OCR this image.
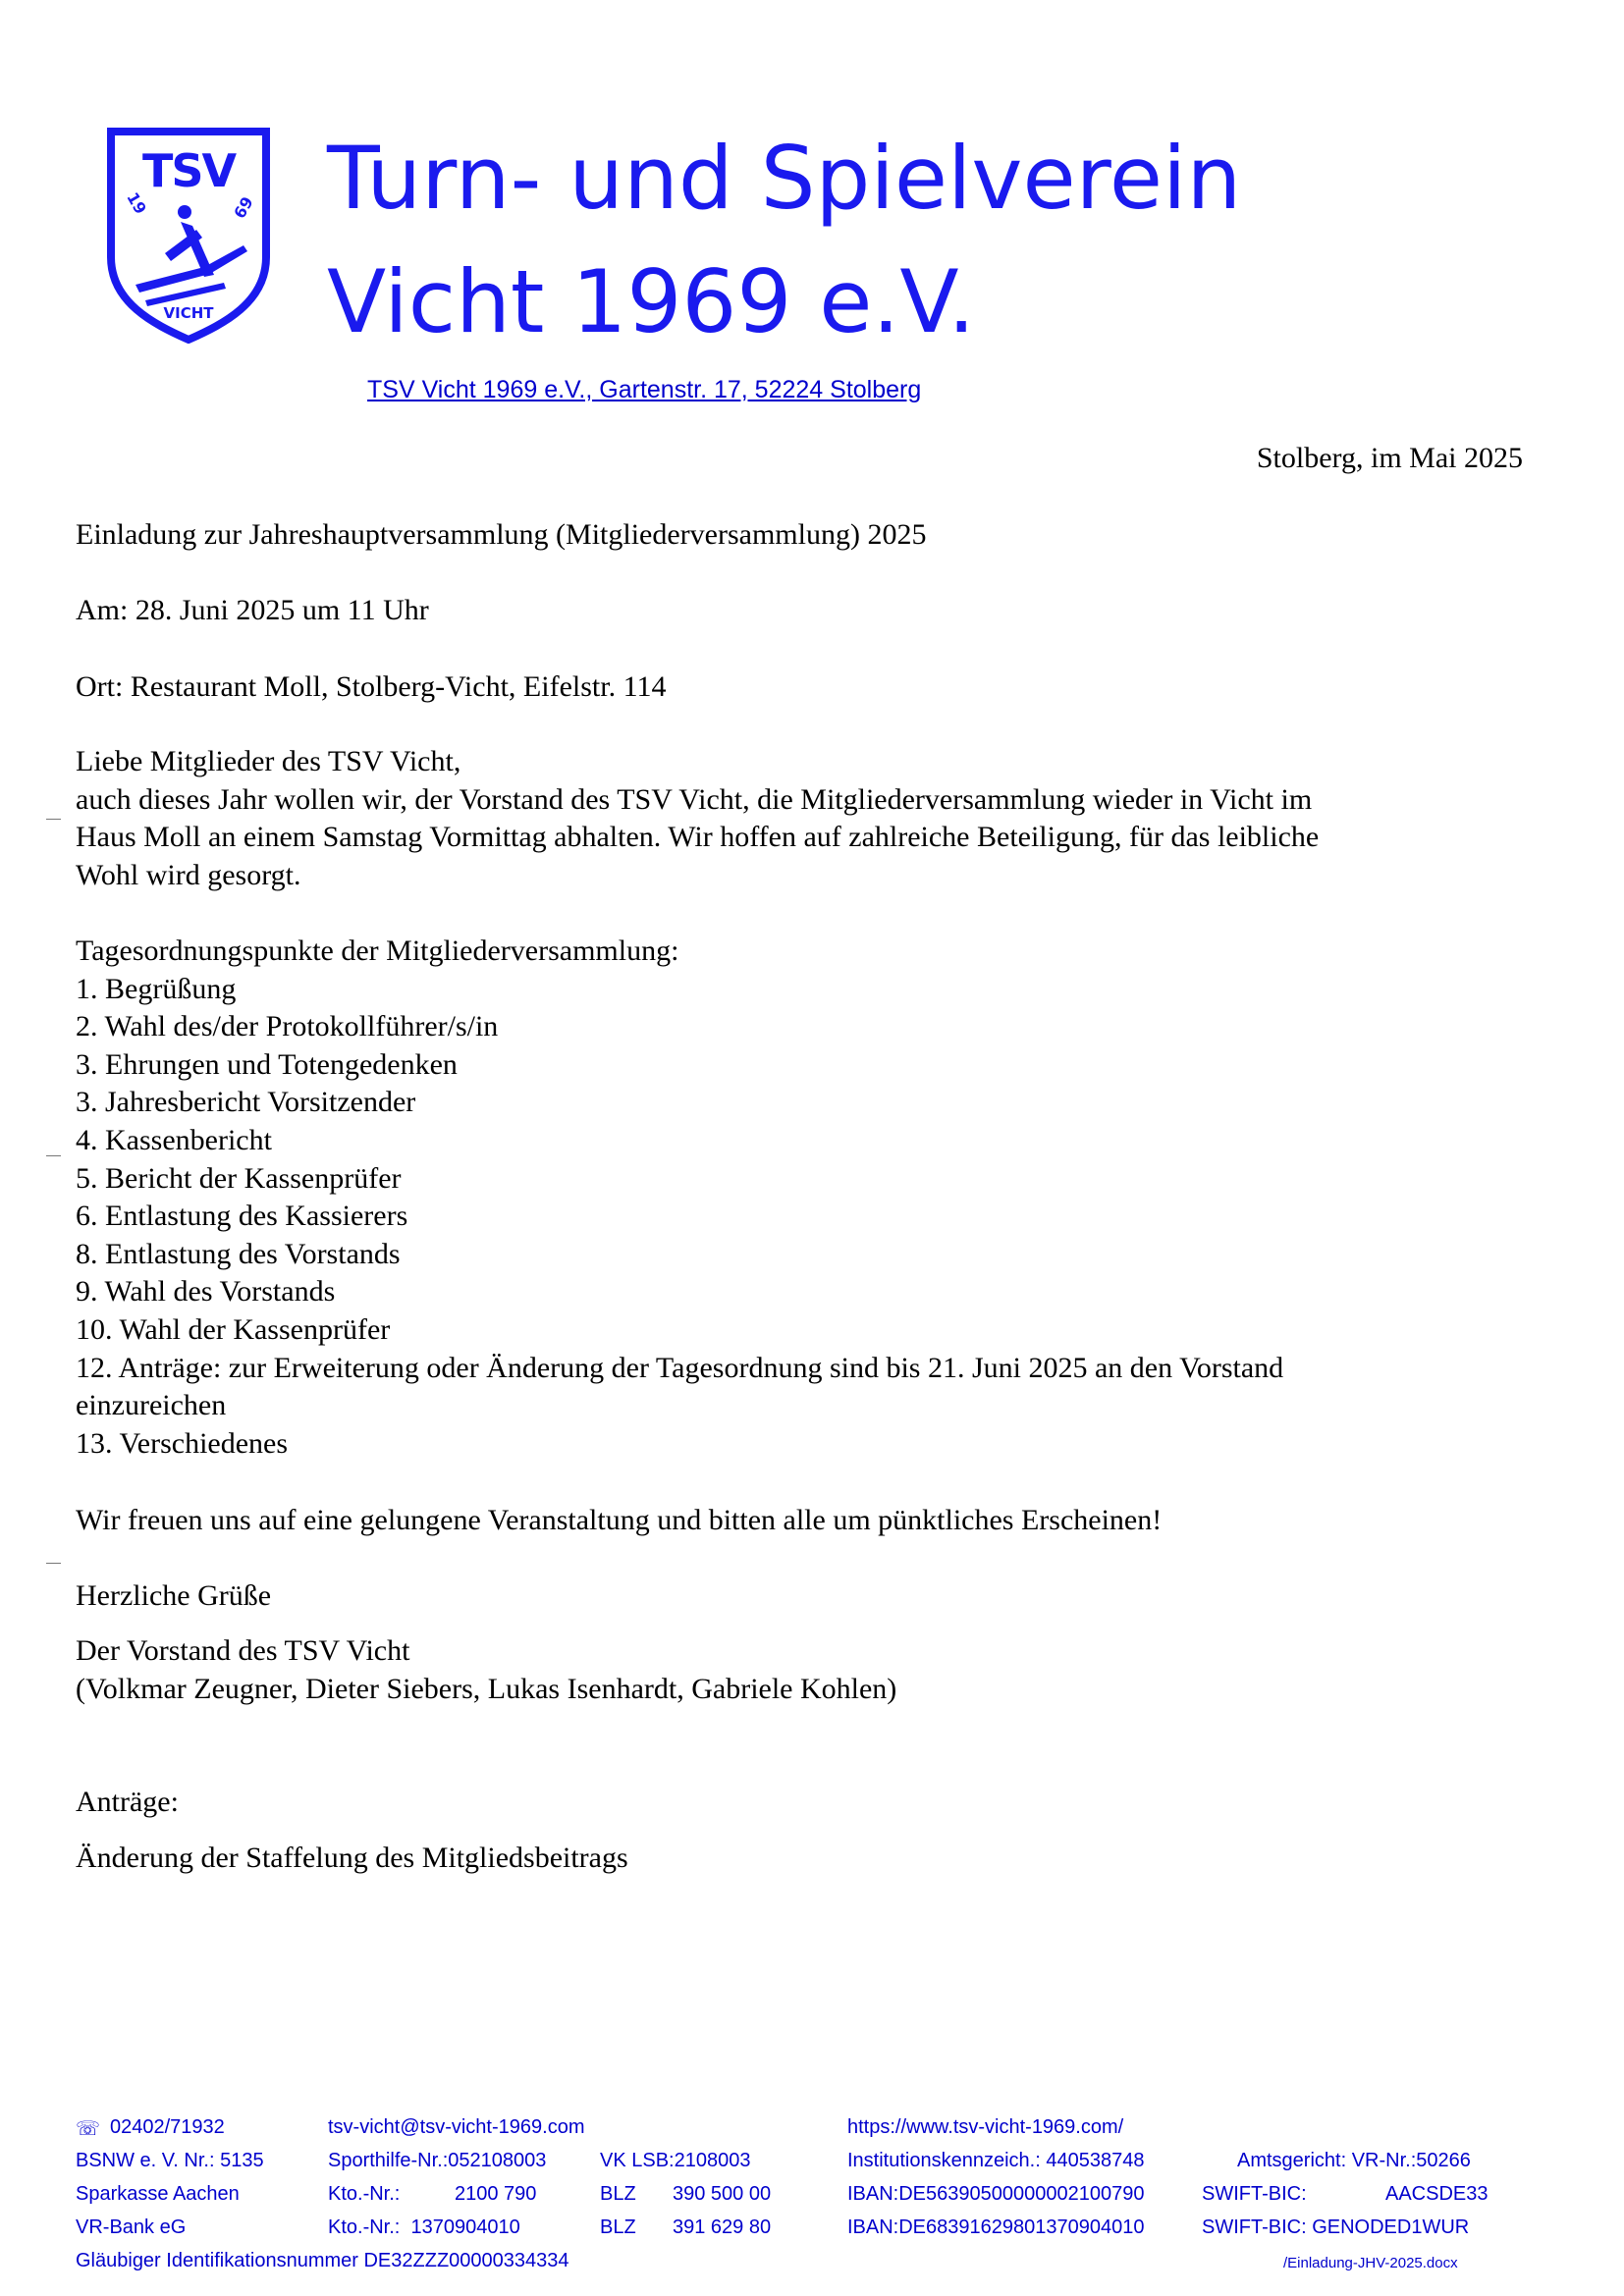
TSV
19	69
VICHT
Turn- und Spielverein
Vicht 1969 e.V.
TSV Vicht 1969 e.V., Gartenstr. 17, 52224 Stolberg
Stolberg, im Mai 2025
Einladung zur Jahreshauptversammlung (Mitgliederversammlung) 2025
Am: 28. Juni 2025 um 11 Uhr
Ort: Restaurant Moll, Stolberg-Vicht, Eifelstr. 114

Liebe Mitglieder des TSV Vicht,

auch dieses Jahr wollen wir, der Vorstand des TSV Vicht, die Mitgliederversammlung wieder in Vicht im

Haus Moll an einem Samstag Vormittag abhalten. Wir hoffen auf zahlreiche Beteiligung, für das leibliche

Wohl wird gesorgt.

Tagesordnungspunkte der Mitgliederversammlung:

1. Begrüßung

2. Wahl des/der Protokollführer/s/in

3. Ehrungen und Totengedenken

3. Jahresbericht Vorsitzender

4. Kassenbericht

5. Bericht der Kassenprüfer

6. Entlastung des Kassierers

8. Entlastung des Vorstands

9. Wahl des Vorstands

10. Wahl der Kassenprüfer

12. Anträge: zur Erweiterung oder Änderung der Tagesordnung sind bis 21. Juni 2025 an den Vorstand

einzureichen

13. Verschiedenes

Wir freuen uns auf eine gelungene Veranstaltung und bitten alle um pünktliches Erscheinen!
Herzliche Grüße

Der Vorstand des TSV Vicht

(Volkmar Zeugner, Dieter Siebers, Lukas Isenhardt, Gabriele Kohlen)

Anträge:
Änderung der Staffelung des Mitgliedsbeitrags
☏ 02402/71932	tsv-vicht@tsv-vicht-1969.com	https://www.tsv-vicht-1969.com/
BSNW e. V. Nr.: 5135	Sporthilfe-Nr.:052108003	VK LSB:2108003	Institutionskennzeich.: 440538748	Amtsgericht: VR-Nr.:50266
Sparkasse Aachen	Kto.-Nr.:	2100 790	BLZ 390 500 00	IBAN:DE56390500000002100790	SWIFT-BIC:	AACSDE33
VR-Bank eG	Kto.-Nr.:  1370904010	BLZ 391 629 80	IBAN:DE68391629801370904010	SWIFT-BIC: GENODED1WUR
Gläubiger Identifikationsnummer DE32ZZZ00000334334	/Einladung-JHV-2025.docx
